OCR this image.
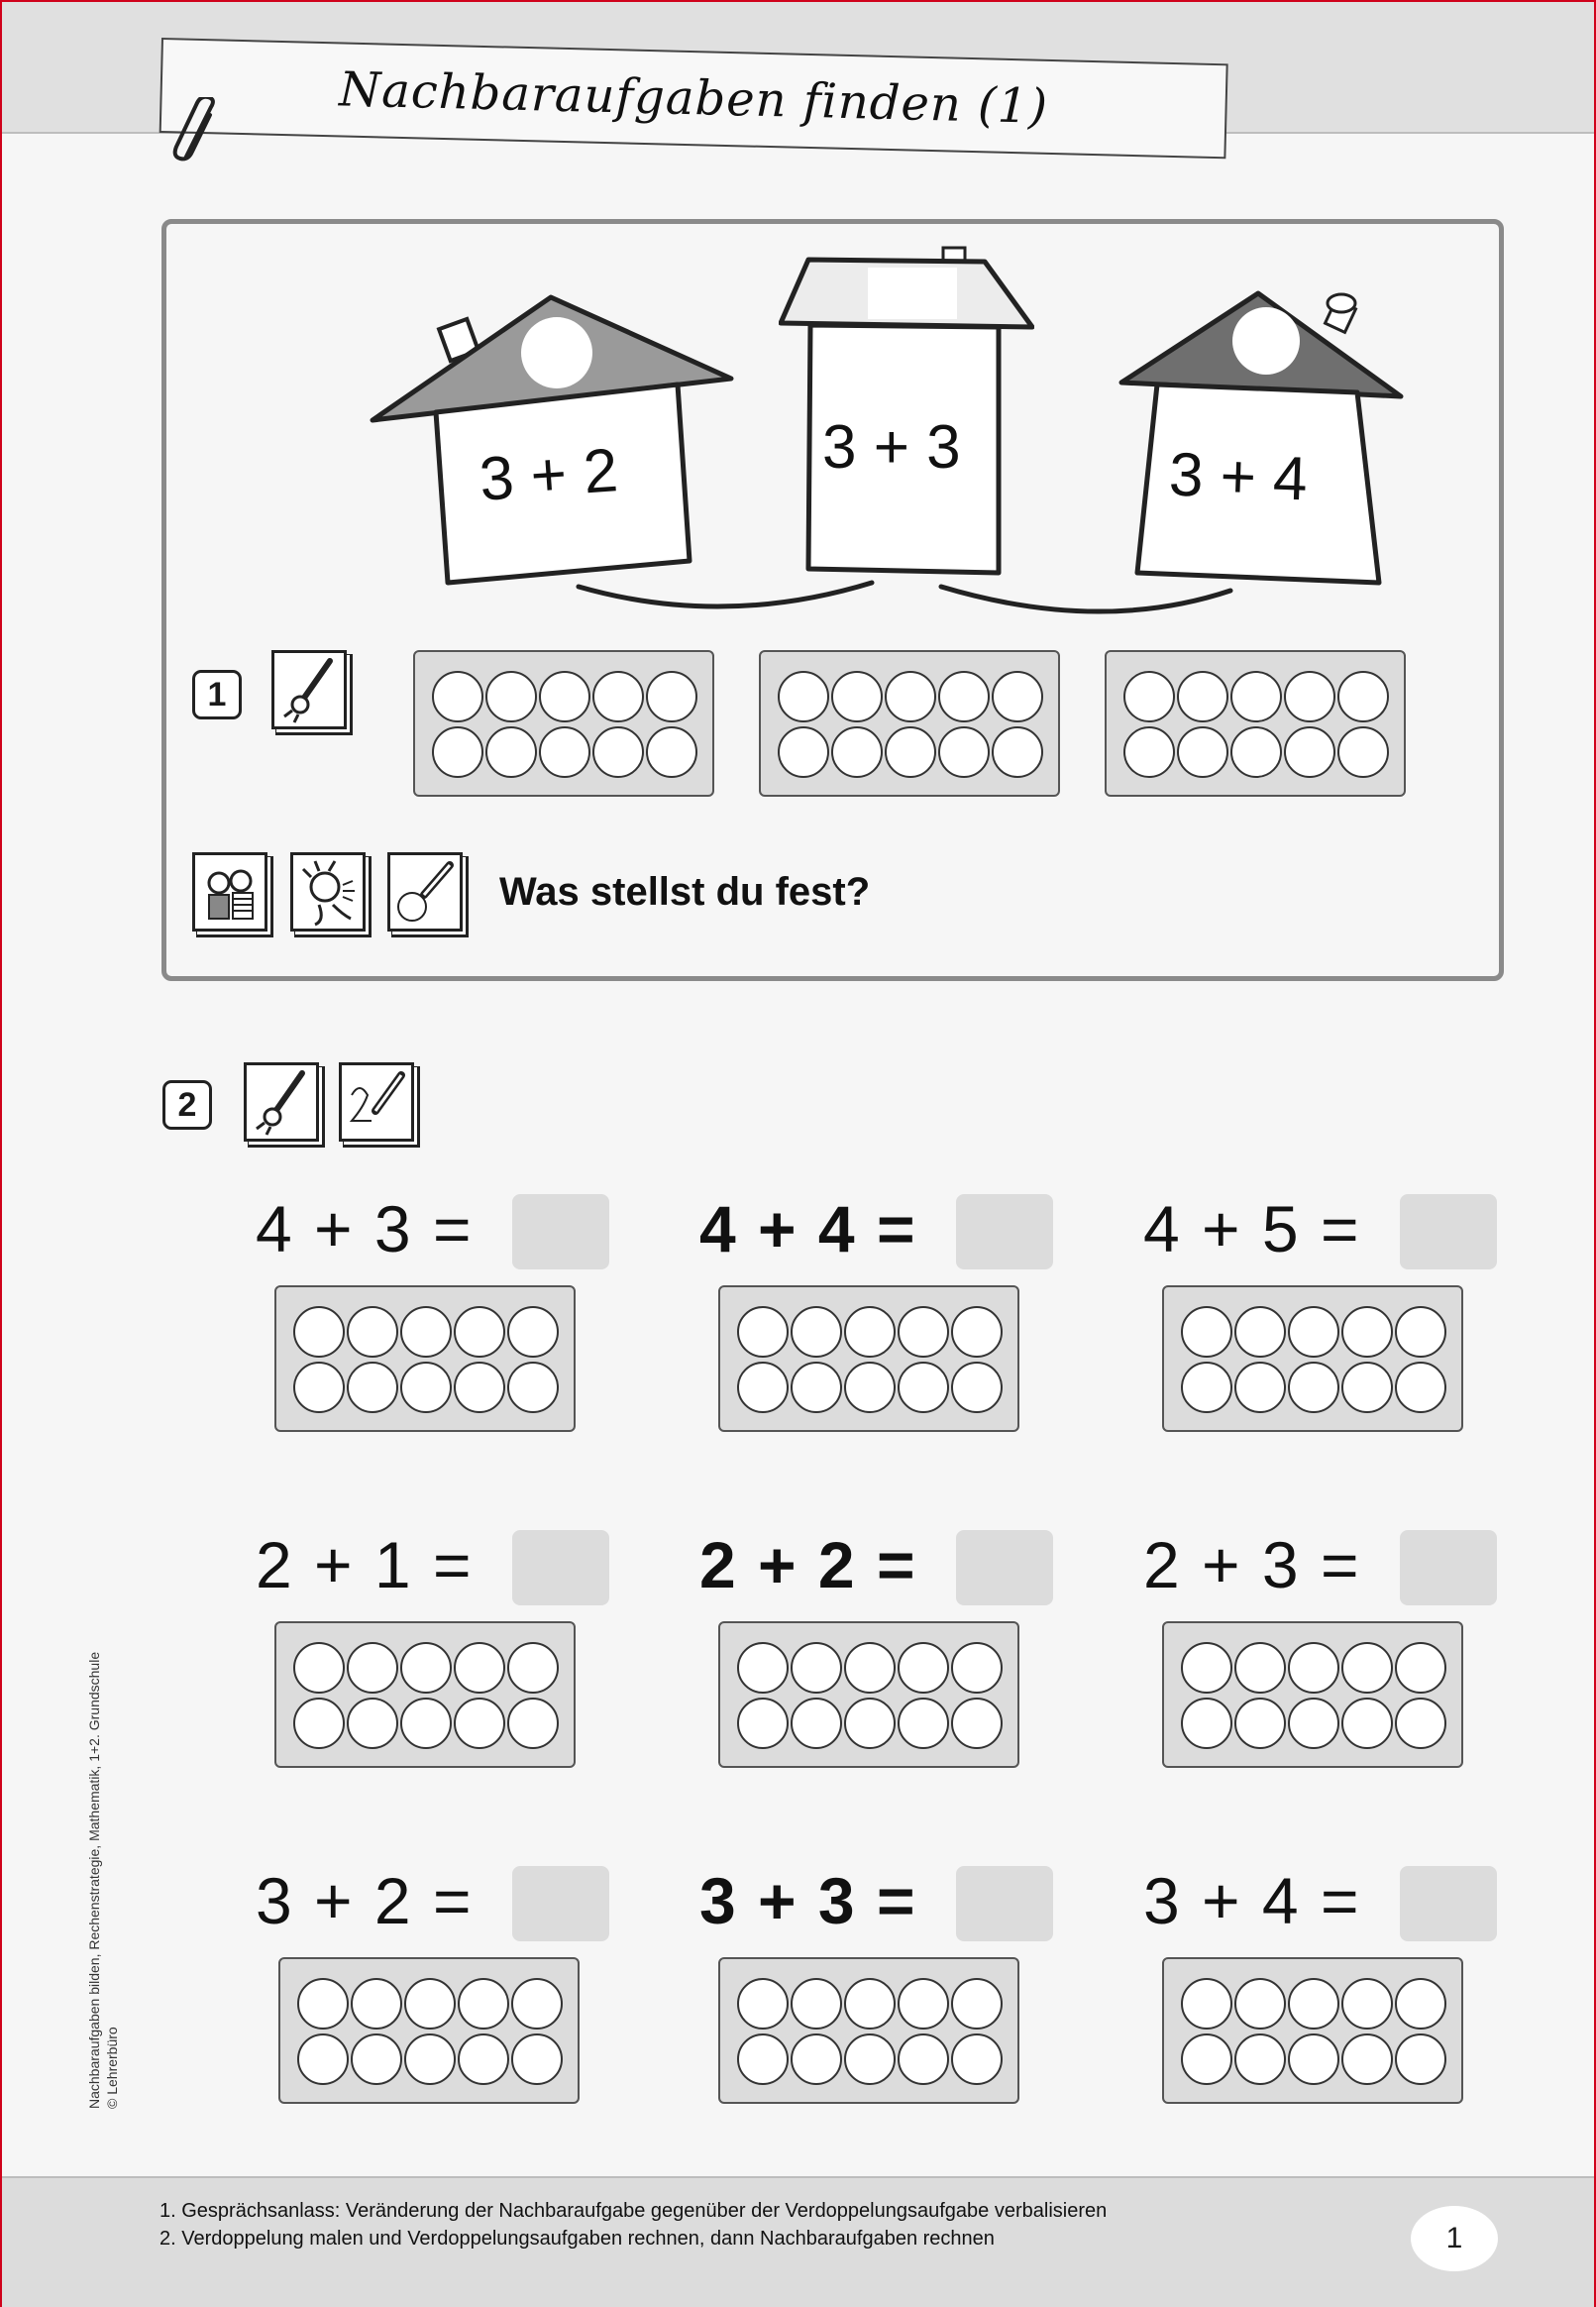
Nachbaraufgaben finden (1)
3 + 2	3 + 3	3 + 4
1
Was stellst du fest?
2
4 + 3 =	4 + 4 =	4 + 5 =
2 + 1 =	2 + 2 =	2 + 3 =
3 + 2 =	3 + 3 =	3 + 4 =
Nachbaraufgaben bilden, Rechenstrategie, Mathematik, 1+2. Grundschule © Lehrerbüro
1. Gesprächsanlass: Veränderung der Nachbaraufgabe gegenüber der Verdoppelungsaufgabe verbalisieren
2. Verdoppelung malen und Verdoppelungsaufgaben rechnen, dann Nachbaraufgaben rechnen	1
